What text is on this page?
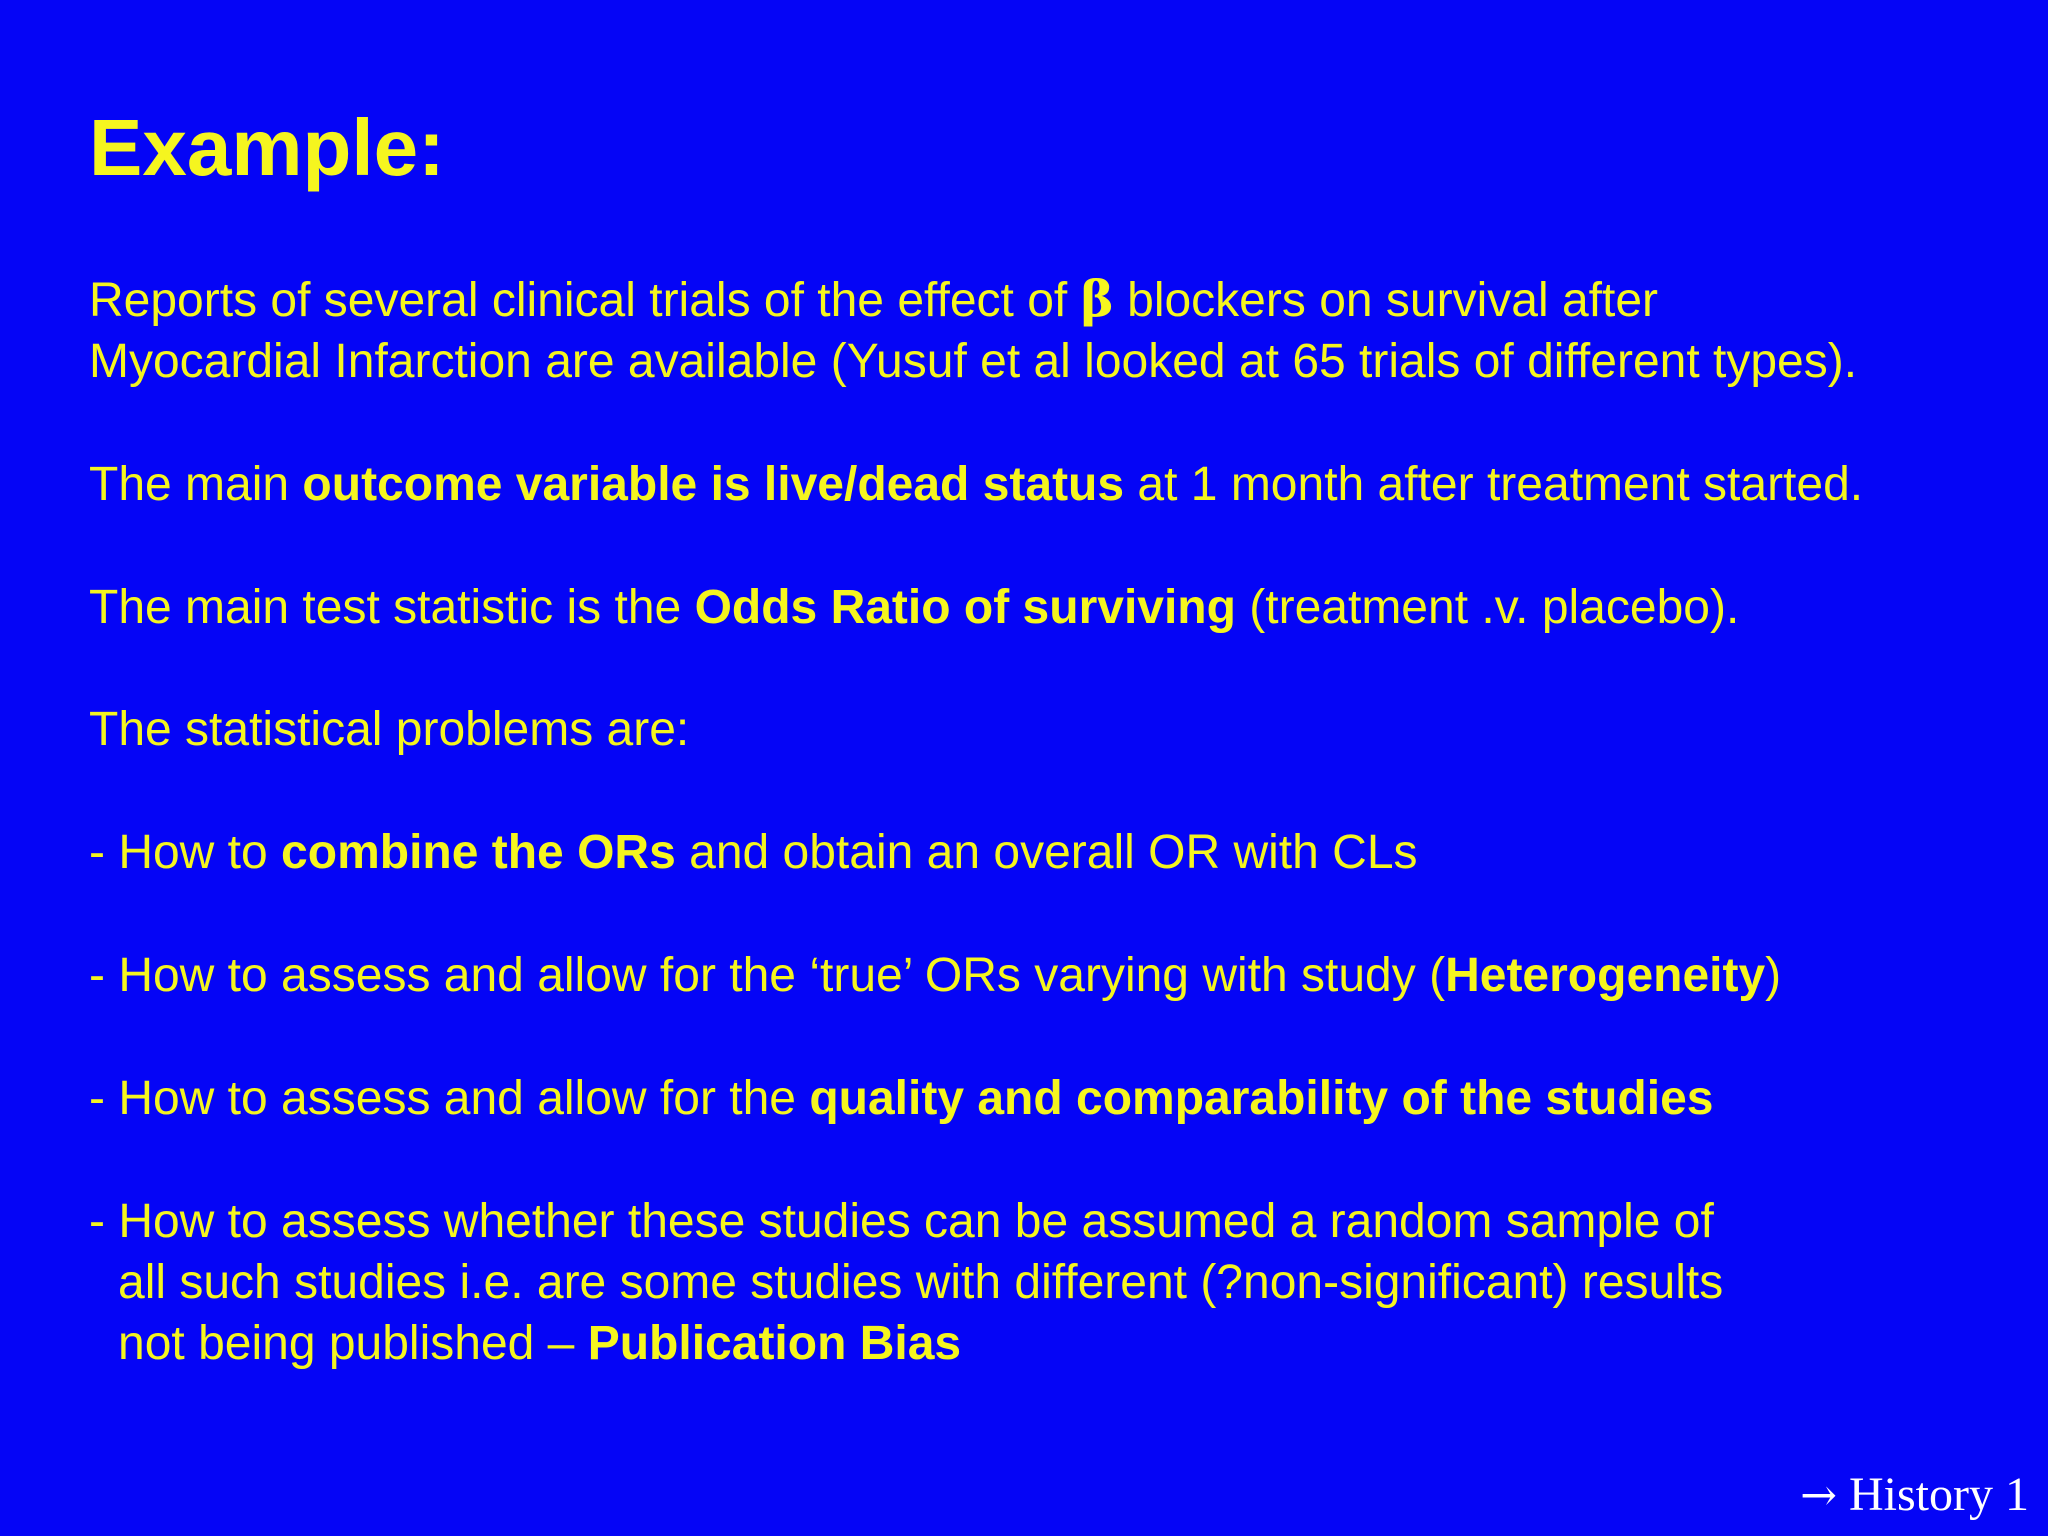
Example:

Reports of several clinical trials of the effect of β blockers on survival after
Myocardial Infarction are available (Yusuf et al looked at 65 trials of different types).

The main outcome variable is live/dead status at 1 month after treatment started.

The main test statistic is the Odds Ratio of surviving (treatment .v. placebo).

The statistical problems are:

- How to combine the ORs and obtain an overall OR with CLs

- How to assess and allow for the ‘true’ ORs varying with study (Heterogeneity)

- How to assess and allow for the quality and comparability of the studies

- How to assess whether these studies can be assumed a random sample of
all such studies i.e. are some studies with different (?non-significant) results
not being published – Publication Bias

→ History 1
